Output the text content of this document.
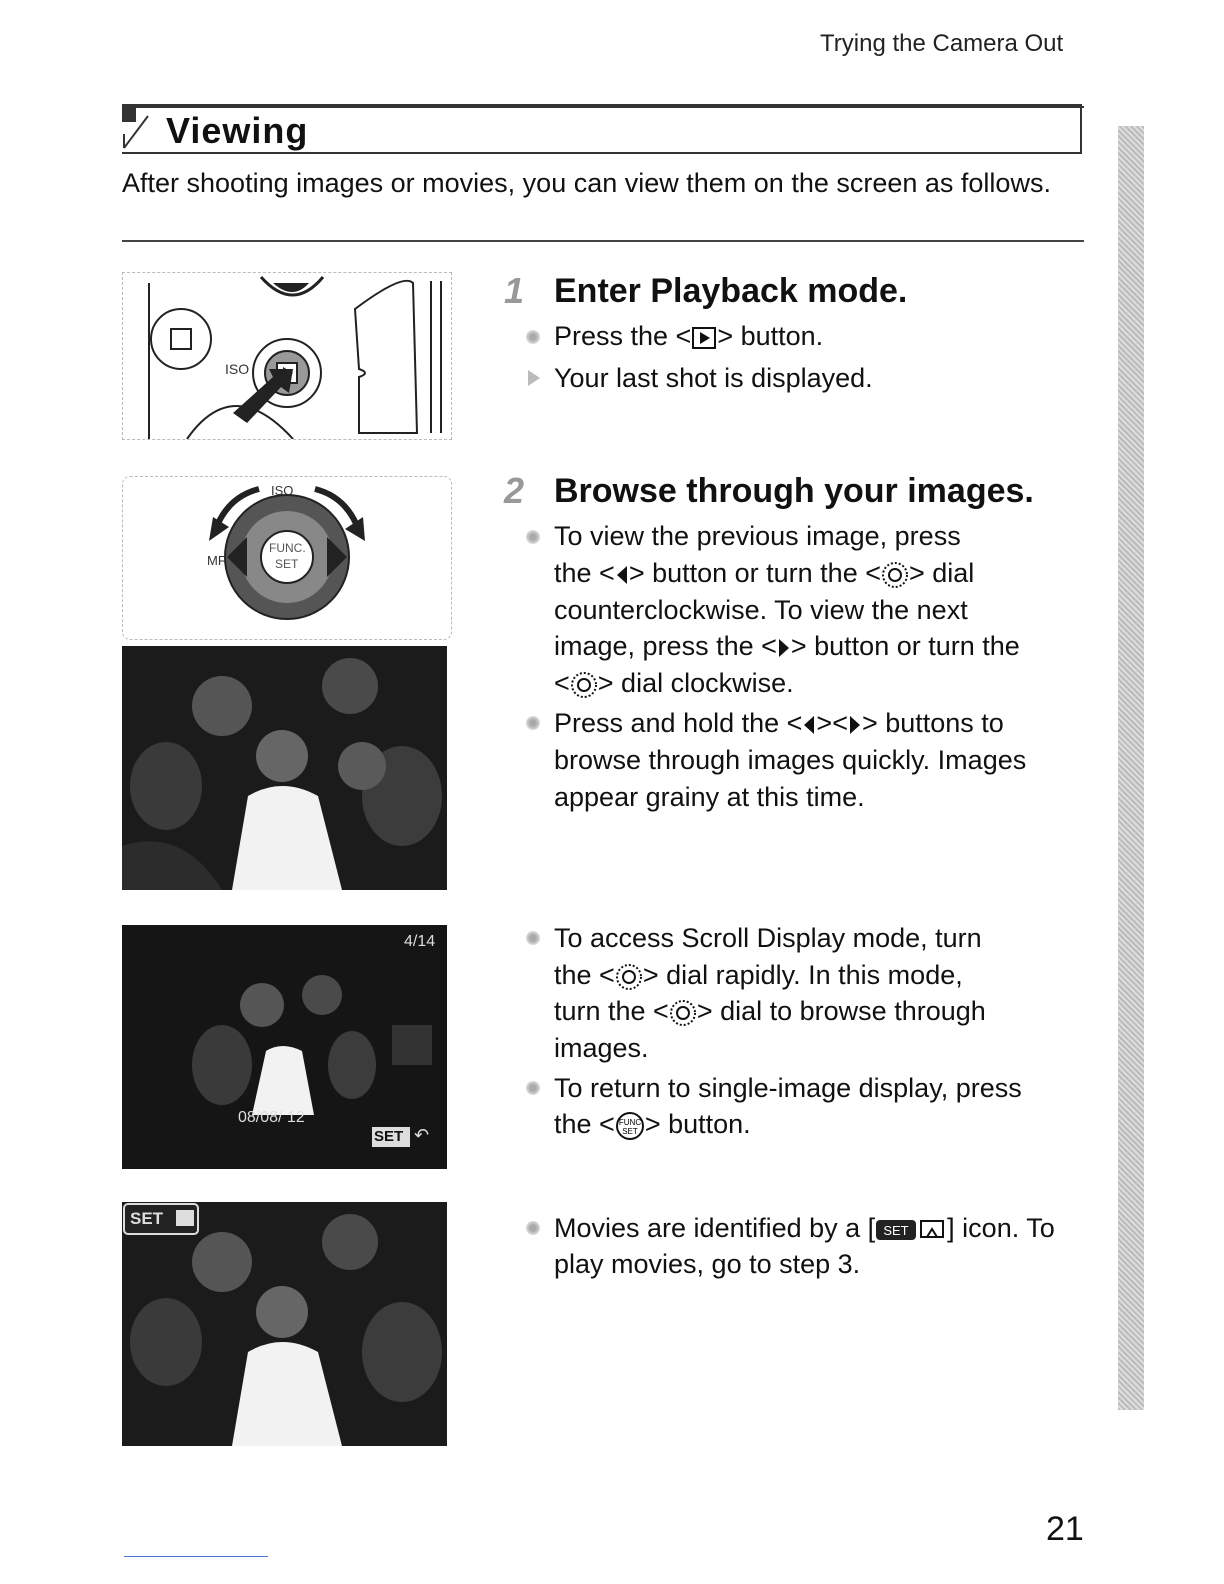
Trying the Camera Out
Viewing
After shooting images or movies, you can view them on the screen as follows.
ISO
1 Enter Playback mode.
Press the < > button.
Your last shot is displayed.
ISO
FUNC.
SET
MF
2 Browse through your images.
To view the previous image, press
the < > button or turn the < > dial
counterclockwise. To view the next
image, press the < > button or turn the
< > dial clockwise.
Press and hold the < >< > buttons to
browse through images quickly. Images
appear grainy at this time.
4/14
08/08/ 12
SET ↶
To access Scroll Display mode, turn
the < > dial rapidly. In this mode,
turn the < > dial to browse through
images.
To return to single-image display, press
the < FUNC
SET > button.
SET	Movies are identified by a [ SET ] icon. To
play movies, go to step 3.
21
